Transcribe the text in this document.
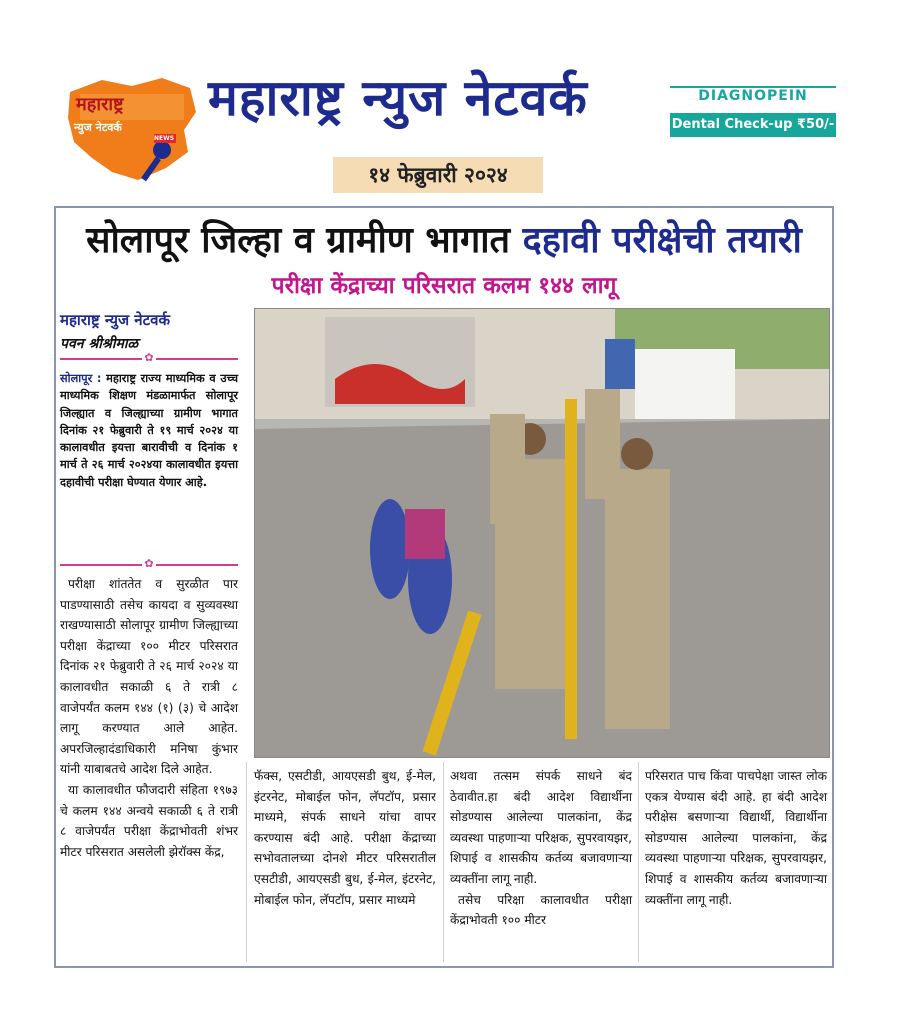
महाराष्ट्र
न्युज नेटवर्क
NEWS
महाराष्ट्र न्युज नेटवर्क
१४ फेब्रुवारी २०२४
DIAGNOPEIN
Dental Check-up ₹50/-
सोलापूर जिल्हा व ग्रामीण भागात दहावी परीक्षेची तयारी
परीक्षा केंद्राच्या परिसरात कलम १४४ लागू
महाराष्ट्र न्युज नेटवर्क
पवन श्रीश्रीमाळ
✿
सोलापूर : महाराष्ट्र राज्य माध्यमिक व उच्च माध्यमिक शिक्षण मंडळामार्फत सोलापूर जिल्ह्यात व जिल्ह्याच्या ग्रामीण भागात दिनांक २१ फेब्रुवारी ते १९ मार्च २०२४ या कालावधीत इयत्ता बारावीची व दिनांक १ मार्च ते २६ मार्च २०२४या कालावधीत इयत्ता दहावीची परीक्षा घेण्यात येणार आहे.
✿

परीक्षा शांततेत व सुरळीत पार पाडण्यासाठी तसेच कायदा व सुव्यवस्था राखण्यासाठी सोलापूर ग्रामीण जिल्ह्याच्या परीक्षा केंद्राच्या १०० मीटर परिसरात दिनांक २१ फेब्रुवारी ते २६ मार्च २०२४ या कालावधीत सकाळी ६ ते रात्री ८ वाजेपर्यंत कलम १४४ (१) (३) चे आदेश लागू करण्यात आले आहेत. अपरजिल्हादंडाधिकारी मनिषा कुंभार यांनी याबाबतचे आदेश दिले आहेत.

या कालावधीत फौजदारी संहिता १९७३ चे कलम १४४ अन्वये सकाळी ६ ते रात्री ८ वाजेपर्यंत परीक्षा केंद्राभोवती शंभर मीटर परिसरात असलेली झेरॉक्स केंद्र,

फॅक्स, एसटीडी, आयएसडी बुथ, ई-मेल, इंटरनेट, मोबाईल फोन, लॅपटॉप, प्रसार माध्यमे, संपर्क साधने यांचा वापर करण्यास बंदी आहे. परीक्षा केंद्राच्या सभोवतालच्या दोनशे मीटर परिसरातील एसटीडी, आयएसडी बुध, ई-मेल, इंटरनेट, मोबाईल फोन, लॅपटॉप, प्रसार माध्यमे

अथवा तत्सम संपर्क साधने बंद ठेवावीत.हा बंदी आदेश विद्यार्थीना सोडण्यास आलेल्या पालकांना, केंद्र व्यवस्था पाहणाऱ्या परिक्षक, सुपरवायझर, शिपाई व शासकीय कर्तव्य बजावणाऱ्या व्यक्तींना लागू नाही.

तसेच परिक्षा कालावधीत परीक्षा केंद्राभोवती १०० मीटर

परिसरात पाच किंवा पाचपेक्षा जास्त लोक एकत्र येण्यास बंदी आहे. हा बंदी आदेश परीक्षेस बसणाऱ्या विद्यार्थी, विद्यार्थीना सोडण्यास आलेल्या पालकांना, केंद्र व्यवस्था पाहणाऱ्या परिक्षक, सुपरवायझर, शिपाई व शासकीय कर्तव्य बजावणाऱ्या व्यक्तींना लागू नाही.
